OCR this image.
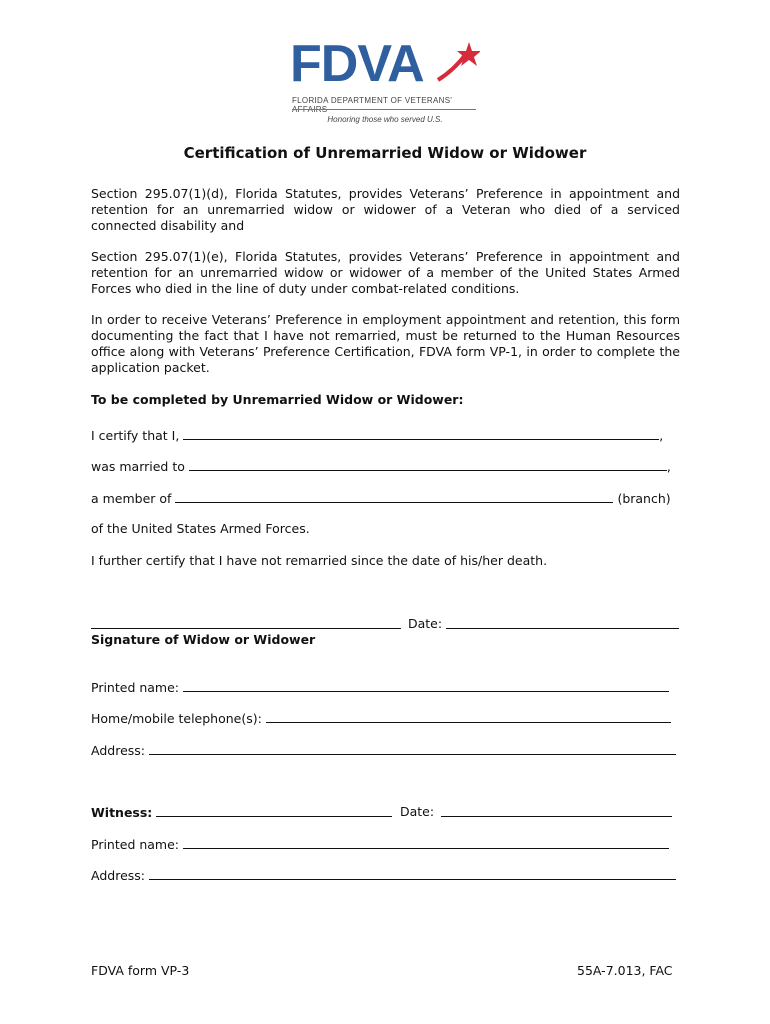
FDVA
FLORIDA DEPARTMENT OF VETERANS' AFFAIRS
Honoring those who served U.S.
Certification of Unremarried Widow or Widower

Section 295.07(1)(d), Florida Statutes, provides Veterans’ Preference in appointment and retention for an unremarried widow or widower of a Veteran who died of a serviced connected disability and

Section 295.07(1)(e), Florida Statutes, provides Veterans’ Preference in appointment and retention for an unremarried widow or widower of a member of the United States Armed Forces who died in the line of duty under combat-related conditions.

In order to receive Veterans’ Preference in employment appointment and retention, this form documenting the fact that I have not remarried, must be returned to the Human Resources office along with Veterans’ Preference Certification, FDVA form VP-1, in order to complete the application packet.

To be completed by Unremarried Widow or Widower:
I certify that I,	,
was married to	,
a member of	(branch)
of the United States Armed Forces.
I further certify that I have not remarried since the date of his/her death.
Date:
Signature of Widow or Widower
Printed name:
Home/mobile telephone(s):
Address:
Witness:	Date:
Printed name:
Address:
FDVA form VP-3	55A-7.013, FAC
